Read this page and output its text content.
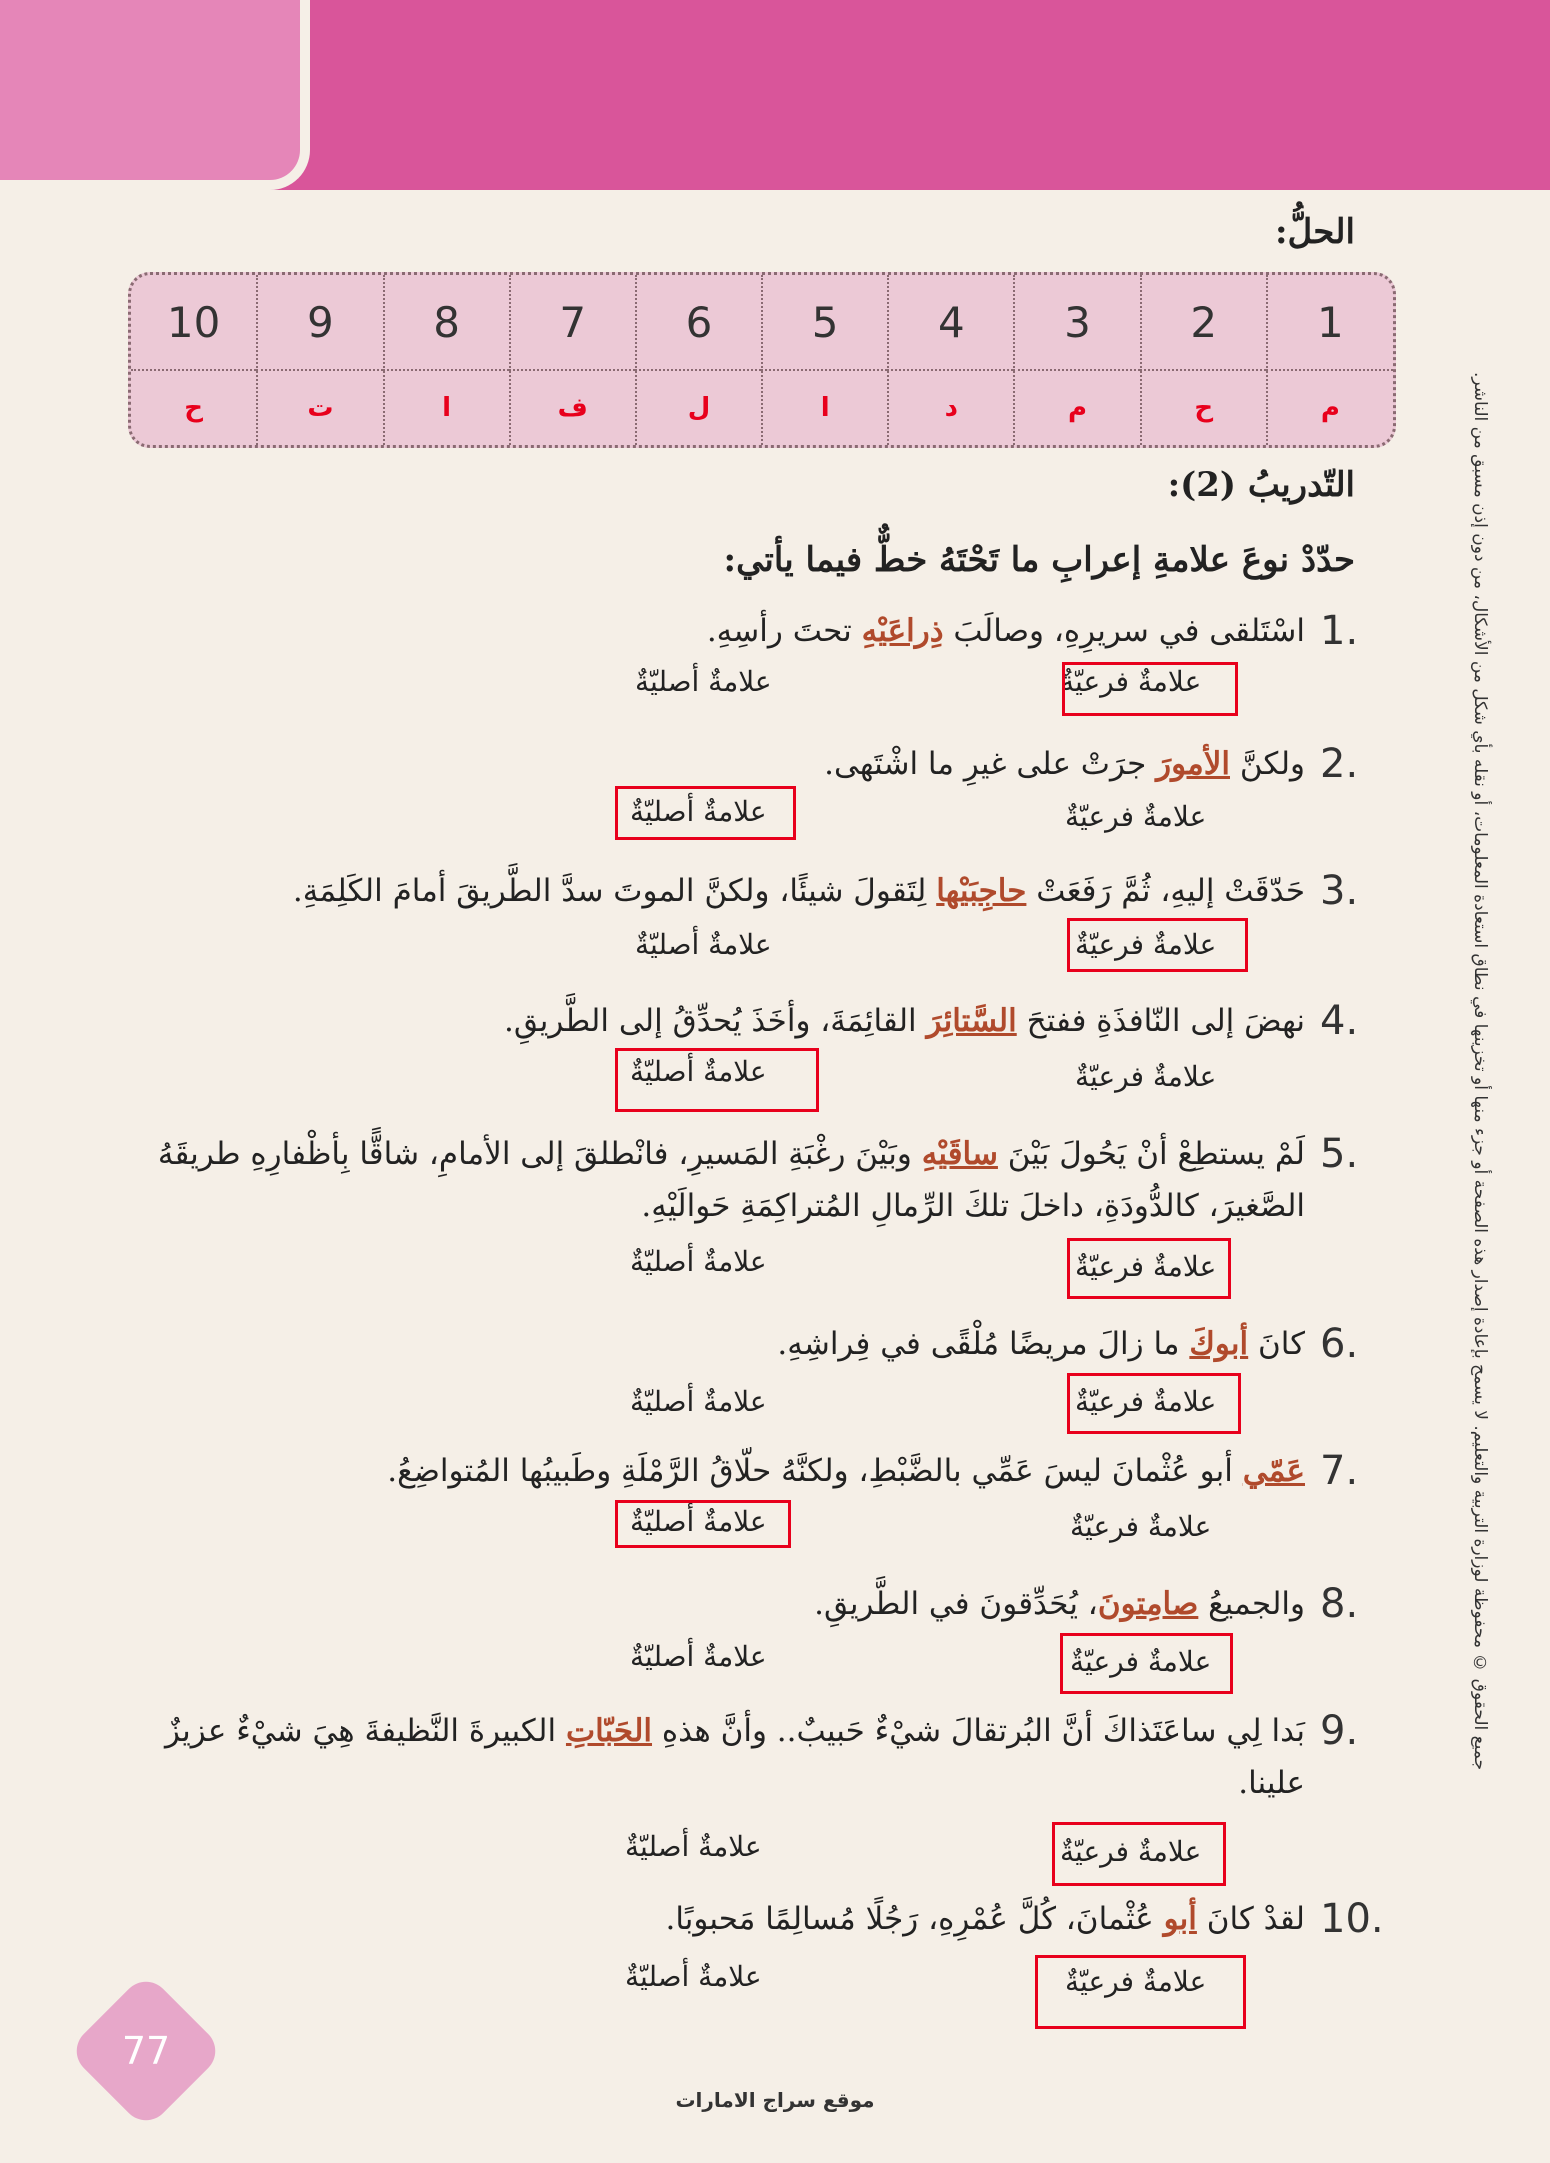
جميع الحقوق © محفوظة لوزارة التربية والتعليم. لا يسمح بإعادة إصدار هذه الصفحة أو جزء منها أو تخزينها في نطاق استعادة المعلومات، أو نقله بأي شكل من الأشكال، من دون إذن مسبق من الناشر.
الحلُّ:
1	2	3	4	5	6	7	8	9	10
م	ح	م	د	ا	ل	ف	ا	ت	ح
التّدريبُ (2):
حدّدْ نوعَ علامةِ إعرابِ ما تَحْتَهُ خطٌّ فيما يأتي:
1.
اسْتَلقى في سريرِهِ، وصالَبَ ذِراعَيْهِ تحتَ رأسِهِ.
علامةٌ فرعيّةٌ
علامةٌ أصليّةٌ
2.
ولكنَّ الأمورَ جرَتْ على غيرِ ما اشْتَهى.
علامةٌ فرعيّةٌ
علامةٌ أصليّةٌ
3.
حَدّقَتْ إليهِ، ثُمَّ رَفَعَتْ حاجِبَيْها لِتَقولَ شيئًا، ولكنَّ الموتَ سدَّ الطَّريقَ أمامَ الكَلِمَةِ.
علامةٌ فرعيّةٌ
علامةٌ أصليّةٌ
4.
نهضَ إلى النّافذَةِ ففتحَ السَّتائِرَ القائِمَةَ، وأخَذَ يُحدِّقُ إلى الطَّريقِ.
علامةٌ فرعيّةٌ
علامةٌ أصليّةٌ
5.
لَمْ يستطِعْ أنْ يَحُولَ بَيْنَ ساقَيْهِ وبَيْنَ رغْبَةِ المَسيرِ، فانْطلقَ إلى الأمامِ، شاقًّا بِأظْفارِهِ طريقَهُ الصَّغيرَ، كالدُّودَةِ، داخلَ تلكَ الرِّمالِ المُتراكِمَةِ حَوالَيْهِ.
علامةٌ فرعيّةٌ
علامةٌ أصليّةٌ
6.
كانَ أبوكَ ما زالَ مريضًا مُلْقًى في فِراشِهِ.
علامةٌ فرعيّةٌ
علامةٌ أصليّةٌ
7.
عَمّي أبو عُثْمانَ ليسَ عَمِّي بالضَّبْطِ، ولكنَّهُ حلّاقُ الرَّمْلَةِ وطَبيبُها المُتواضِعُ.
علامةٌ فرعيّةٌ
علامةٌ أصليّةٌ
8.
والجميعُ صامِتونَ، يُحَدِّقونَ في الطَّريقِ.
علامةٌ فرعيّةٌ
علامةٌ أصليّةٌ
9.
بَدا لِي ساعَتَذاكَ أنَّ البُرتقالَ شيْءٌ حَبيبٌ.. وأنَّ هذهِ الحَبّاتِ الكبيرةَ النَّظيفةَ هِيَ شيْءٌ عزيزٌ علينا.
علامةٌ فرعيّةٌ
علامةٌ أصليّةٌ
10.
لقدْ كانَ أبو عُثْمانَ، كُلَّ عُمْرِهِ، رَجُلًا مُسالِمًا مَحبوبًا.
علامةٌ فرعيّةٌ
علامةٌ أصليّةٌ
77
موقع سراج الامارات
